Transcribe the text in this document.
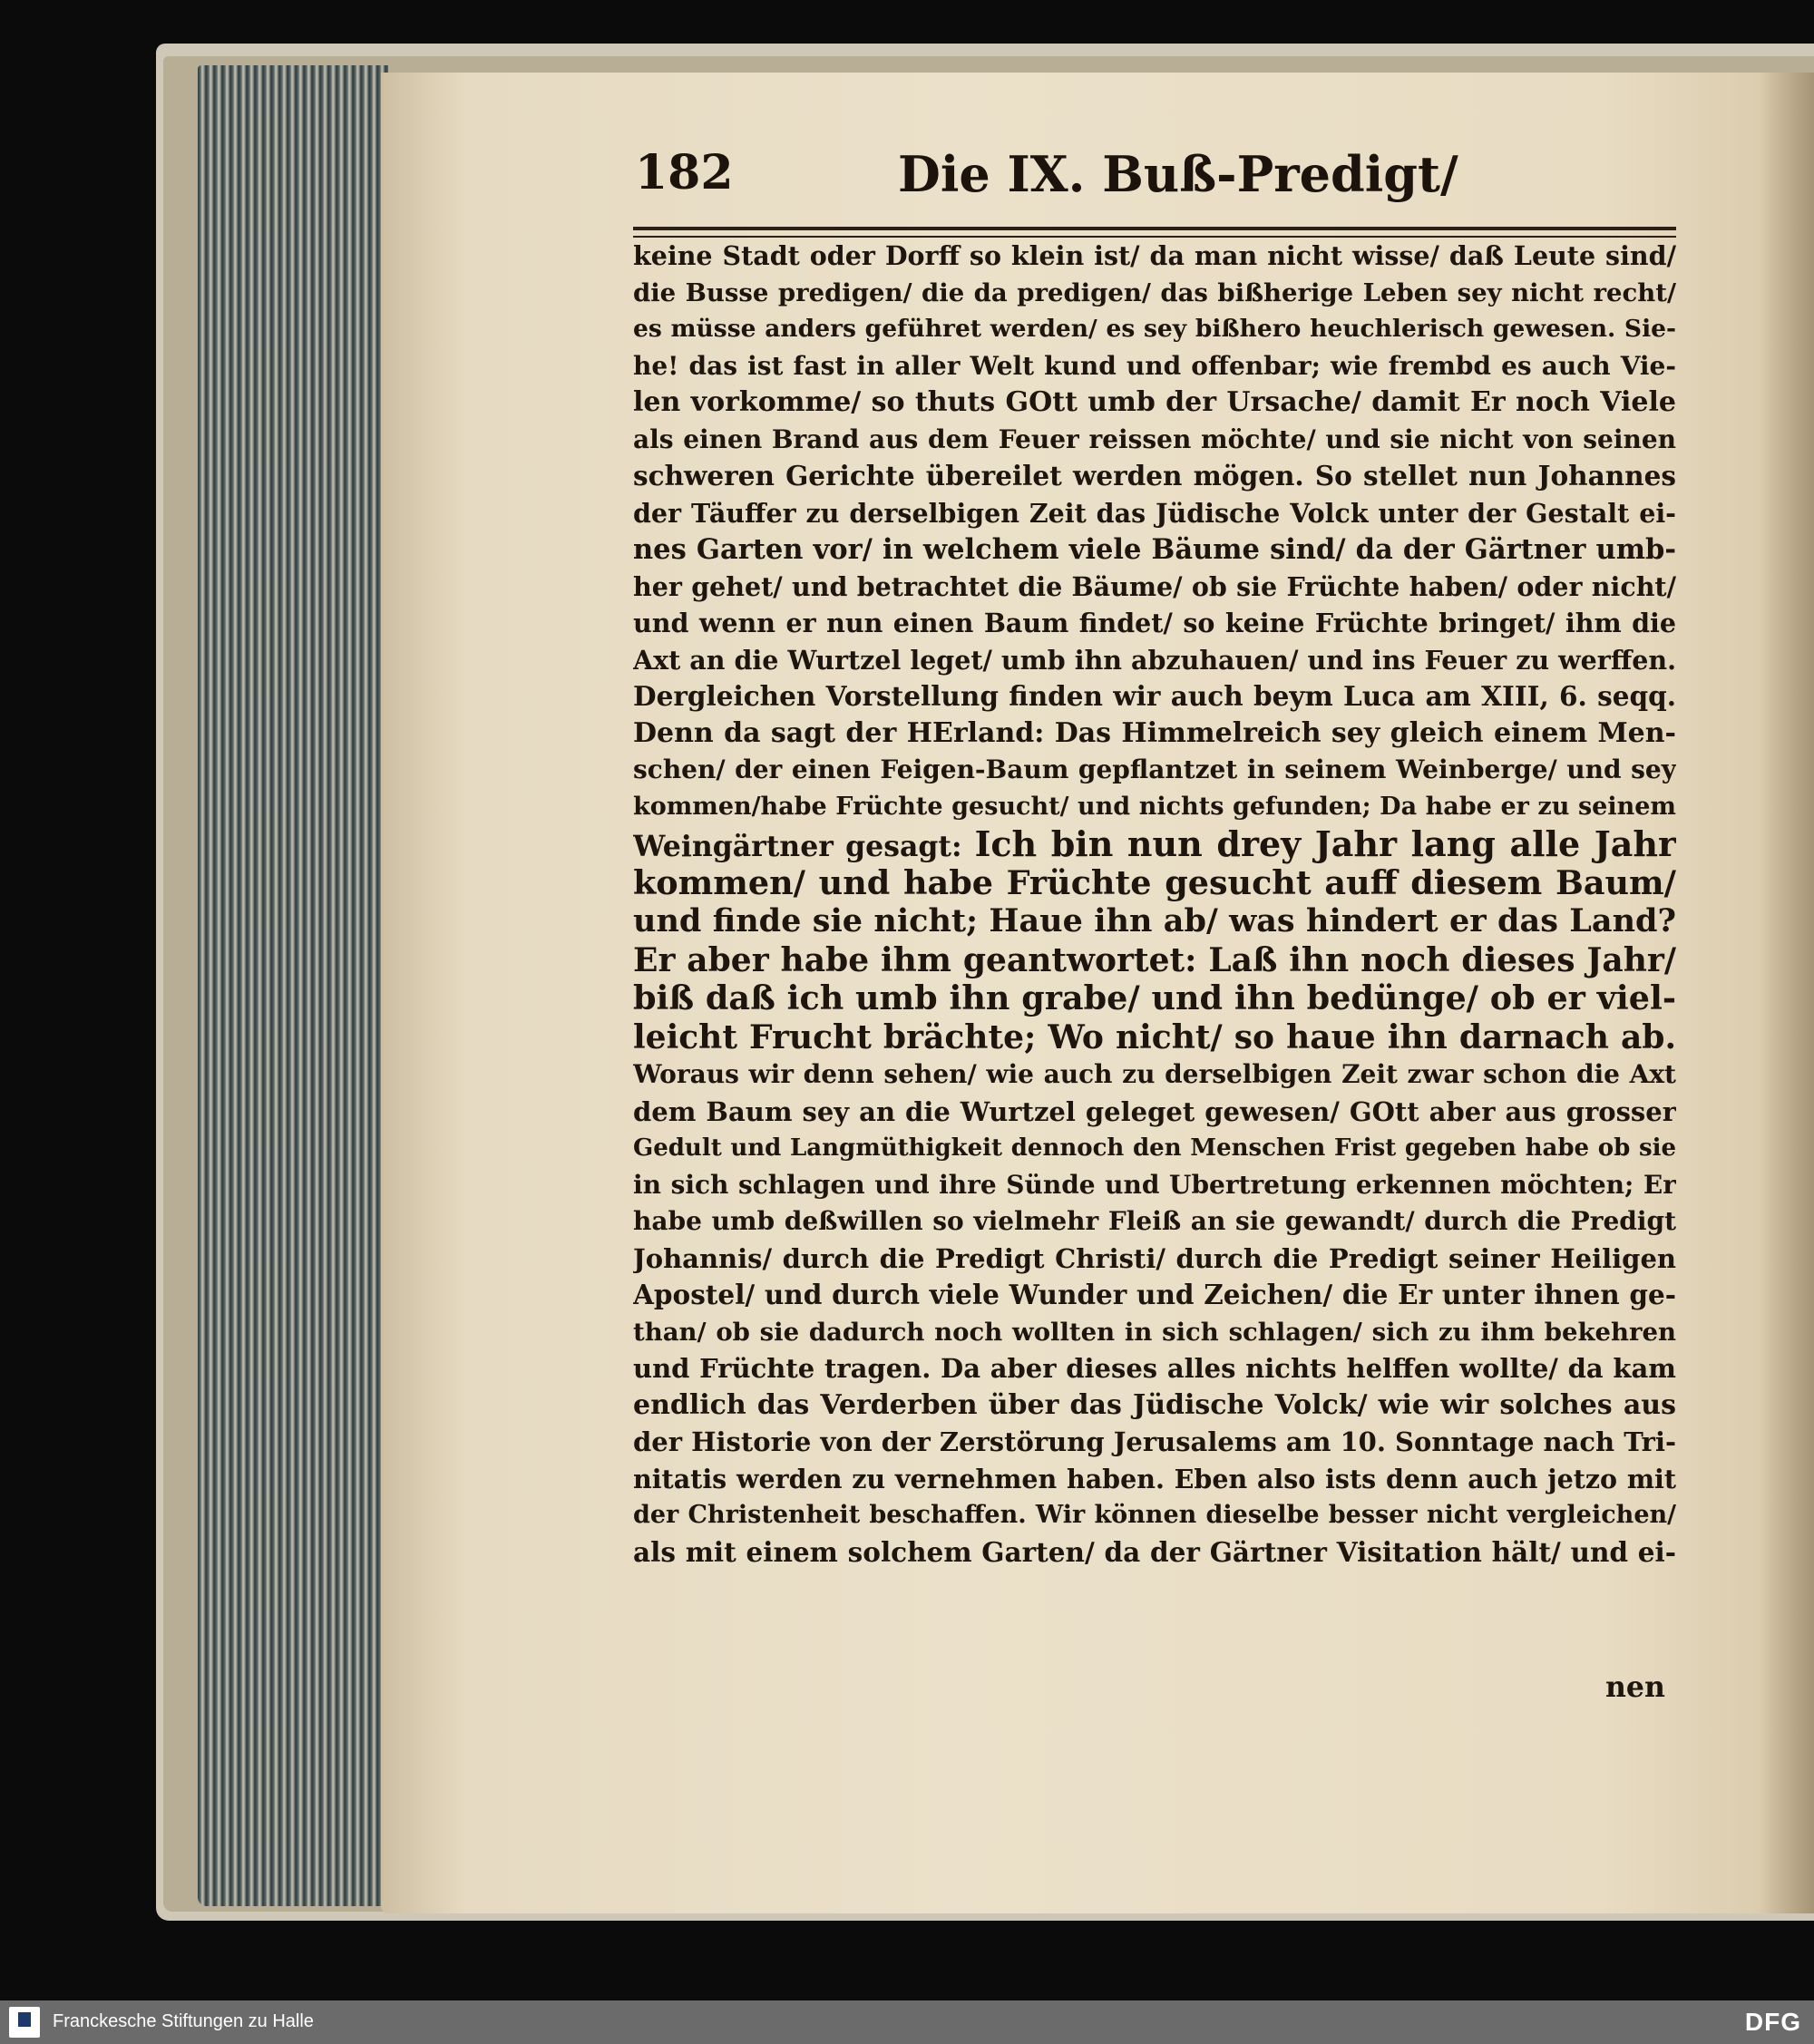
182	Die IX. Buß-Predigt/
keine Stadt oder Dorff so klein ist/ da man nicht wisse/ daß Leute sind/
die Busse predigen/ die da predigen/ das bißherige Leben sey nicht recht/
es müsse anders geführet werden/ es sey bißhero heuchlerisch gewesen. Sie-
he! das ist fast in aller Welt kund und offenbar; wie frembd es auch Vie-
len vorkomme/ so thuts GOtt umb der Ursache/ damit Er noch Viele
als einen Brand aus dem Feuer reissen möchte/ und sie nicht von seinen
schweren Gerichte übereilet werden mögen. So stellet nun Johannes
der Täuffer zu derselbigen Zeit das Jüdische Volck unter der Gestalt ei-
nes Garten vor/ in welchem viele Bäume sind/ da der Gärtner umb-
her gehet/ und betrachtet die Bäume/ ob sie Früchte haben/ oder nicht/
und wenn er nun einen Baum findet/ so keine Früchte bringet/ ihm die
Axt an die Wurtzel leget/ umb ihn abzuhauen/ und ins Feuer zu werffen.
Dergleichen Vorstellung finden wir auch beym Luca am XIII, 6. seqq.
Denn da sagt der HErland: Das Himmelreich sey gleich einem Men-
schen/ der einen Feigen-Baum gepflantzet in seinem Weinberge/ und sey
kommen/habe Früchte gesucht/ und nichts gefunden; Da habe er zu seinem
Weingärtner gesagt: Ich bin nun drey Jahr lang alle Jahr
kommen/ und habe Früchte gesucht auff diesem Baum/
und finde sie nicht; Haue ihn ab/ was hindert er das Land?
Er aber habe ihm geantwortet: Laß ihn noch dieses Jahr/
biß daß ich umb ihn grabe/ und ihn bedünge/ ob er viel-
leicht Frucht brächte; Wo nicht/ so haue ihn darnach ab.
Woraus wir denn sehen/ wie auch zu derselbigen Zeit zwar schon die Axt
dem Baum sey an die Wurtzel geleget gewesen/ GOtt aber aus grosser
Gedult und Langmüthigkeit dennoch den Menschen Frist gegeben habe ob sie
in sich schlagen und ihre Sünde und Ubertretung erkennen möchten; Er
habe umb deßwillen so vielmehr Fleiß an sie gewandt/ durch die Predigt
Johannis/ durch die Predigt Christi/ durch die Predigt seiner Heiligen
Apostel/ und durch viele Wunder und Zeichen/ die Er unter ihnen ge-
than/ ob sie dadurch noch wollten in sich schlagen/ sich zu ihm bekehren
und Früchte tragen. Da aber dieses alles nichts helffen wollte/ da kam
endlich das Verderben über das Jüdische Volck/ wie wir solches aus
der Historie von der Zerstörung Jerusalems am 10. Sonntage nach Tri-
nitatis werden zu vernehmen haben. Eben also ists denn auch jetzo mit
der Christenheit beschaffen. Wir können dieselbe besser nicht vergleichen/
als mit einem solchem Garten/ da der Gärtner Visitation hält/ und ei-
nen
Franckesche Stiftungen zu Halle	DFG
